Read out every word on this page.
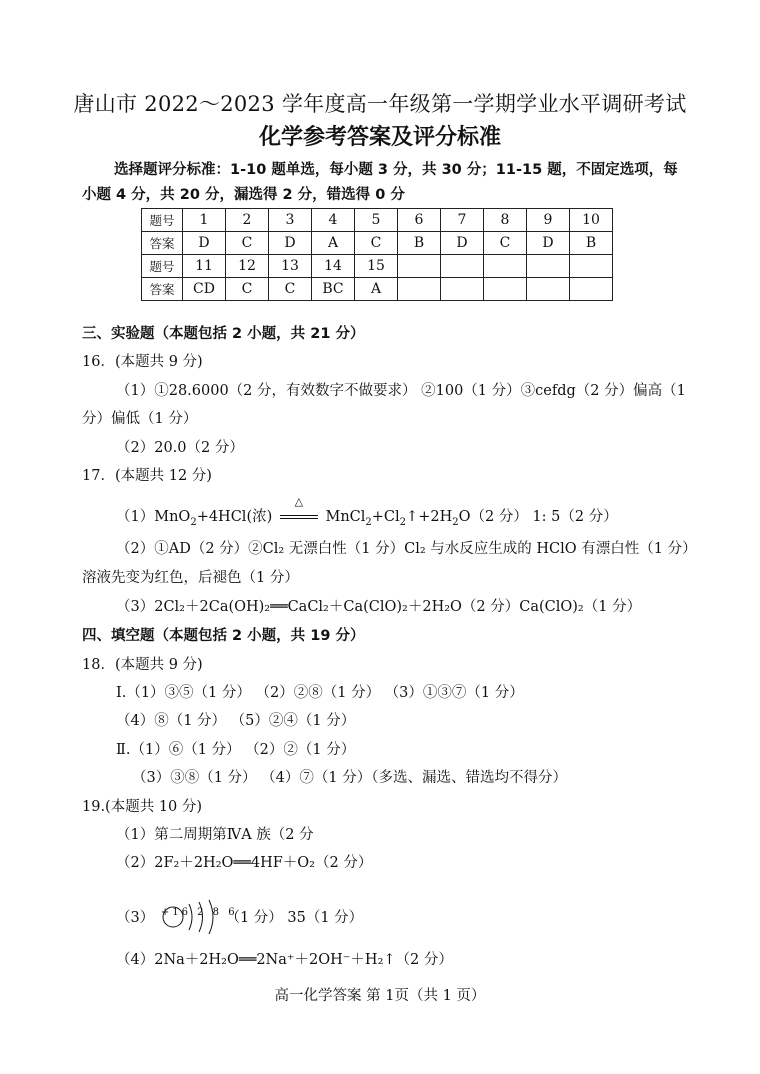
唐山市 2022～2023 学年度高一年级第一学期学业水平调研考试
化学参考答案及评分标准
选择题评分标准：1-10 题单选，每小题 3 分，共 30 分；11-15 题，不固定选项，每小题 4 分，共 20 分，漏选得 2 分，错选得 0 分
题号	1	2	3	4	5	6	7	8	9	10
答案	D	C	D	A	C	B	D	C	D	B
题号	11	12	13	14	15					
答案	CD	C	C	BC	A					
三、实验题（本题包括 2 小题，共 21 分）
16．(本题共 9 分)
（1）①28.6000（2 分，有效数字不做要求） ②100（1 分）③cefdg（2 分）偏高（1
分）偏低（1 分）
（2）20.0（2 分）
17．(本题共 12 分)
（1）MnO$_2$+4HCl(浓)
△
$MnCl_2+Cl_2↑+2H_2O(2$ 分） 1: 5（2 分）
（2）①AD（2 分）②Cl₂ 无漂白性（1 分）Cl₂ 与水反应生成的 HClO 有漂白性（1 分）
溶液先变为红色，后褪色（1 分）
（3）2Cl₂＋2Ca(OH)₂══CaCl₂＋Ca(ClO)₂＋2H₂O（2 分）Ca(ClO)₂（1 分）
四、填空题（本题包括 2 小题，共 19 分）
18．(本题共 9 分)
Ⅰ.（1）③⑤（1 分） （2）②⑧（1 分） （3）①③⑦（1 分）
（4）⑧（1 分） （5）②④（1 分）
Ⅱ.（1）⑥（1 分） （2）②（1 分）
（3）③⑧（1 分） （4）⑦（1 分）（多选、漏选、错选均不得分）
19.(本题共 10 分)
（1）第二周期第ⅣA 族（2 分
（2）2F₂＋2H₂O══4HF＋O₂（2 分）
（3） +16 2 8 6
（1 分） 35（1 分）
（4）2Na＋2H₂O══2Na⁺＋2OH⁻＋H₂↑（2 分）
高一化学答案 第 1页（共 1 页）
